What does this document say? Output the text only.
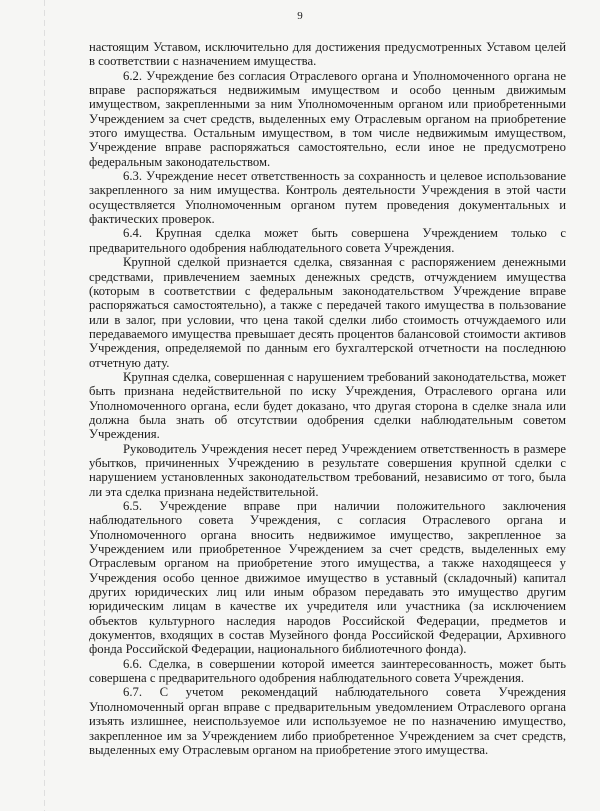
9

настоящим Уставом, исключительно для достижения предусмотренных Уставом целей в соответствии с назначением имущества.

6.2. Учреждение без согласия Отраслевого органа и Уполномоченного органа не вправе распоряжаться недвижимым имуществом и особо ценным движимым имуществом, закрепленными за ним Уполномоченным органом или приобретенными Учреждением за счет средств, выделенных ему Отраслевым органом на приобретение этого имущества. Остальным имуществом, в том числе недвижимым имуществом, Учреждение вправе распоряжаться самостоятельно, если иное не предусмотрено федеральным законодательством.

6.3. Учреждение несет ответственность за сохранность и целевое использование закрепленного за ним имущества. Контроль деятельности Учреждения в этой части осуществляется Уполномоченным органом путем проведения документальных и фактических проверок.

6.4. Крупная сделка может быть совершена Учреждением только с предварительного одобрения наблюдательного совета Учреждения.

Крупной сделкой признается сделка, связанная с распоряжением денежными средствами, привлечением заемных денежных средств, отчуждением имущества (которым в соответствии с федеральным законодательством Учреждение вправе распоряжаться самостоятельно), а также с передачей такого имущества в пользование или в залог, при условии, что цена такой сделки либо стоимость отчуждаемого или передаваемого имущества превышает десять процентов балансовой стоимости активов Учреждения, определяемой по данным его бухгалтерской отчетности на последнюю отчетную дату.

Крупная сделка, совершенная с нарушением требований законодательства, может быть признана недействительной по иску Учреждения, Отраслевого органа или Уполномоченного органа, если будет доказано, что другая сторона в сделке знала или должна была знать об отсутствии одобрения сделки наблюдательным советом Учреждения.

Руководитель Учреждения несет перед Учреждением ответственность в размере убытков, причиненных Учреждению в результате совершения крупной сделки с нарушением установленных законодательством требований, независимо от того, была ли эта сделка признана недействительной.

6.5. Учреждение вправе при наличии положительного заключения наблюдательного совета Учреждения, с согласия Отраслевого органа и Уполномоченного органа вносить недвижимое имущество, закрепленное за Учреждением или приобретенное Учреждением за счет средств, выделенных ему Отраслевым органом на приобретение этого имущества, а также находящееся у Учреждения особо ценное движимое имущество в уставный (складочный) капитал других юридических лиц или иным образом передавать это имущество другим юридическим лицам в качестве их учредителя или участника (за исключением объектов культурного наследия народов Российской Федерации, предметов и документов, входящих в состав Музейного фонда Российской Федерации, Архивного фонда Российской Федерации, национального библиотечного фонда).

6.6. Сделка, в совершении которой имеется заинтересованность, может быть совершена с предварительного одобрения наблюдательного совета Учреждения.

6.7. С учетом рекомендаций наблюдательного совета Учреждения Уполномоченный орган вправе с предварительным уведомлением Отраслевого органа изъять излишнее, неиспользуемое или используемое не по назначению имущество, закрепленное им за Учреждением либо приобретенное Учреждением за счет средств, выделенных ему Отраслевым органом на приобретение этого имущества.
